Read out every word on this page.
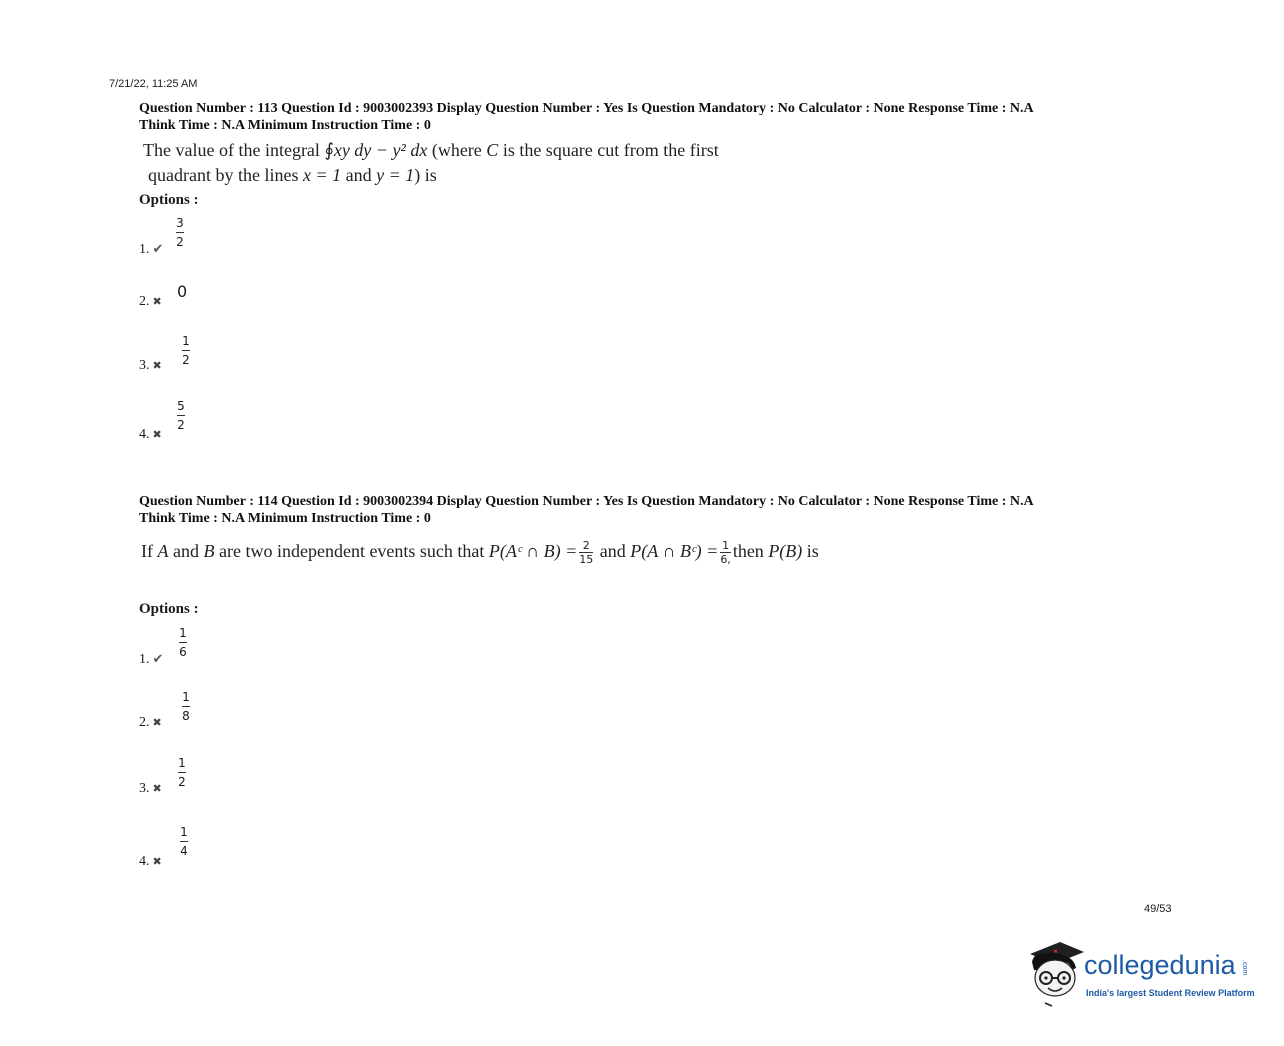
7/21/22, 11:25 AM
Question Number : 113 Question Id : 9003002393 Display Question Number : Yes Is Question Mandatory : No Calculator : None Response Time : N.A
Think Time : N.A Minimum Instruction Time : 0
The value of the integral ∮xy dy − y² dx (where C is the square cut from the first
quadrant by the lines x = 1 and y = 1) is
Options :
1. ✔
3
2
2. ✖
0
3. ✖
1
2
4. ✖
5
2
Question Number : 114 Question Id : 9003002394 Display Question Number : Yes Is Question Mandatory : No Calculator : None Response Time : N.A
Think Time : N.A Minimum Instruction Time : 0
If A and B are two independent events such that P(Aᶜ ∩ $B) = \frac{2}{15}$ and P(A ∩ Bᶜ) = $\frac{1}{6,}$ then P(B) is
Options :
1. ✔
1
6
2. ✖
1
8
3. ✖
1
2
4. ✖
1
4
49/53
collegedunia .com
India's largest Student Review Platform
